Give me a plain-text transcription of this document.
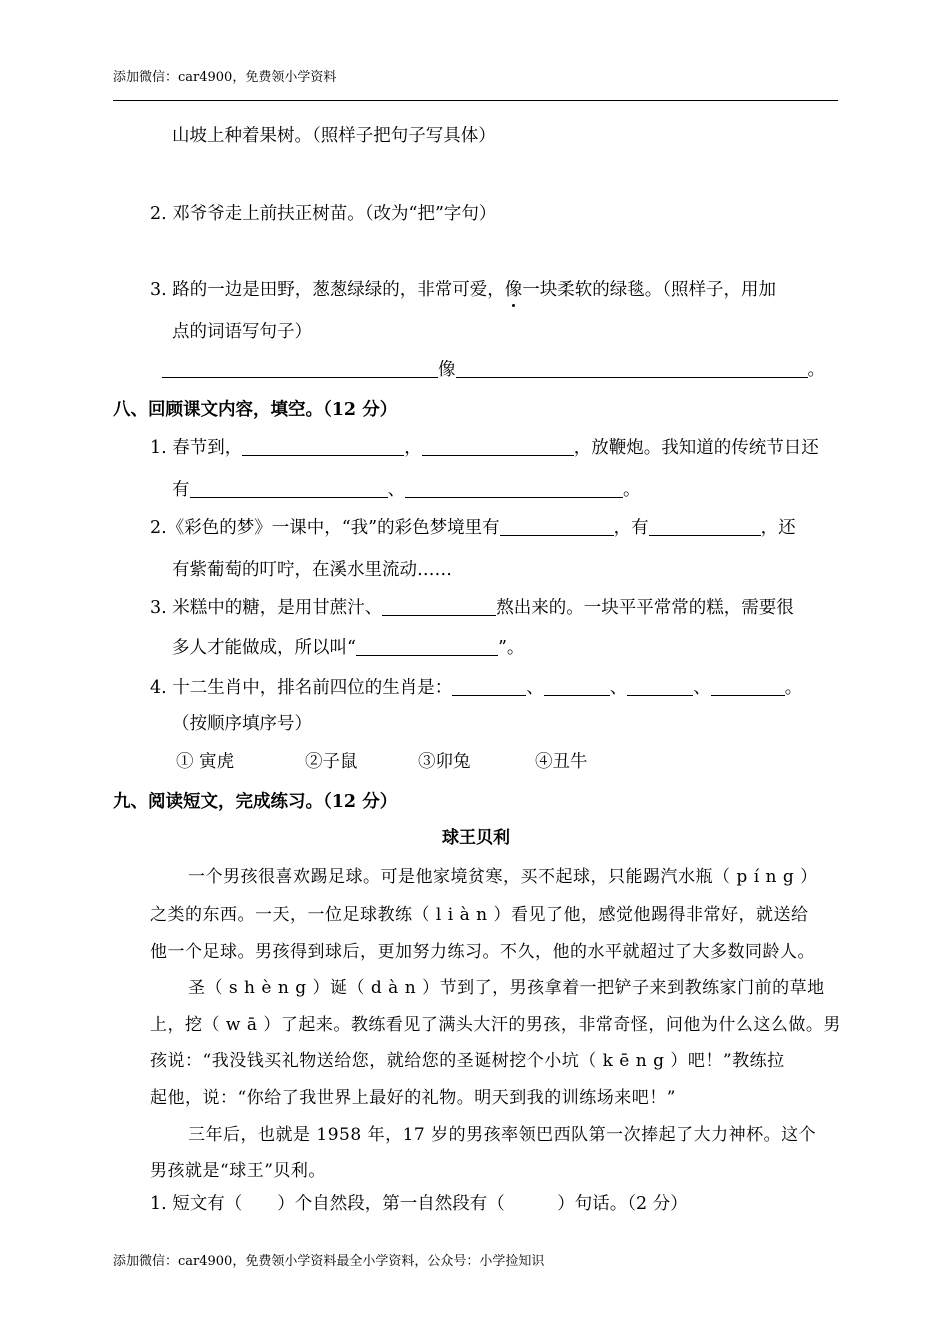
添加微信：car4900，免费领小学资料
山坡上种着果树。（照样子把句子写具体）
2. 邓爷爷走上前扶正树苗。（改为“把”字句）
3. 路的一边是田野，葱葱绿绿的，非常可爱，像一块柔软的绿毯。（照样子，用加
点的词语写句子）
像	。
八、回顾课文内容，填空。（12 分）
1. 春节到，	，	，放鞭炮。我知道的传统节日还
有	、	。
2.《彩色的梦》一课中，“我”的彩色梦境里有	，有	，还
有紫葡萄的叮咛，在溪水里流动……
3. 米糕中的糖，是用甘蔗汁、	熬出来的。一块平平常常的糕，需要很
多人才能做成，所以叫“	”。
4. 十二生肖中，排名前四位的生肖是：	、	、	、	。
（按顺序填序号）
① 寅虎	②子鼠	③卯兔	④丑牛
九、阅读短文，完成练习。（12 分）
球王贝利
一个男孩很喜欢踢足球。可是他家境贫寒，买不起球，只能踢汽水瓶（ p í n g ）
之类的东西。一天，一位足球教练（ l i à n ）看见了他，感觉他踢得非常好，就送给
他一个足球。男孩得到球后，更加努力练习。不久，他的水平就超过了大多数同龄人。
圣（ s h è n g ）诞（ d à n ）节到了，男孩拿着一把铲子来到教练家门前的草地
上，挖（ w ā ）了起来。教练看见了满头大汗的男孩，非常奇怪，问他为什么这么做。男
孩说：“我没钱买礼物送给您，就给您的圣诞树挖个小坑（ k ē n g ）吧！”教练拉
起他，说：“你给了我世界上最好的礼物。明天到我的训练场来吧！”
三年后，也就是 1958 年，17 岁的男孩率领巴西队第一次捧起了大力神杯。这个
男孩就是“球王”贝利。
1. 短文有（　　）个自然段，第一自然段有（　　　）句话。（2 分）
添加微信：car4900，免费领小学资料最全小学资料，公众号：小学捡知识
